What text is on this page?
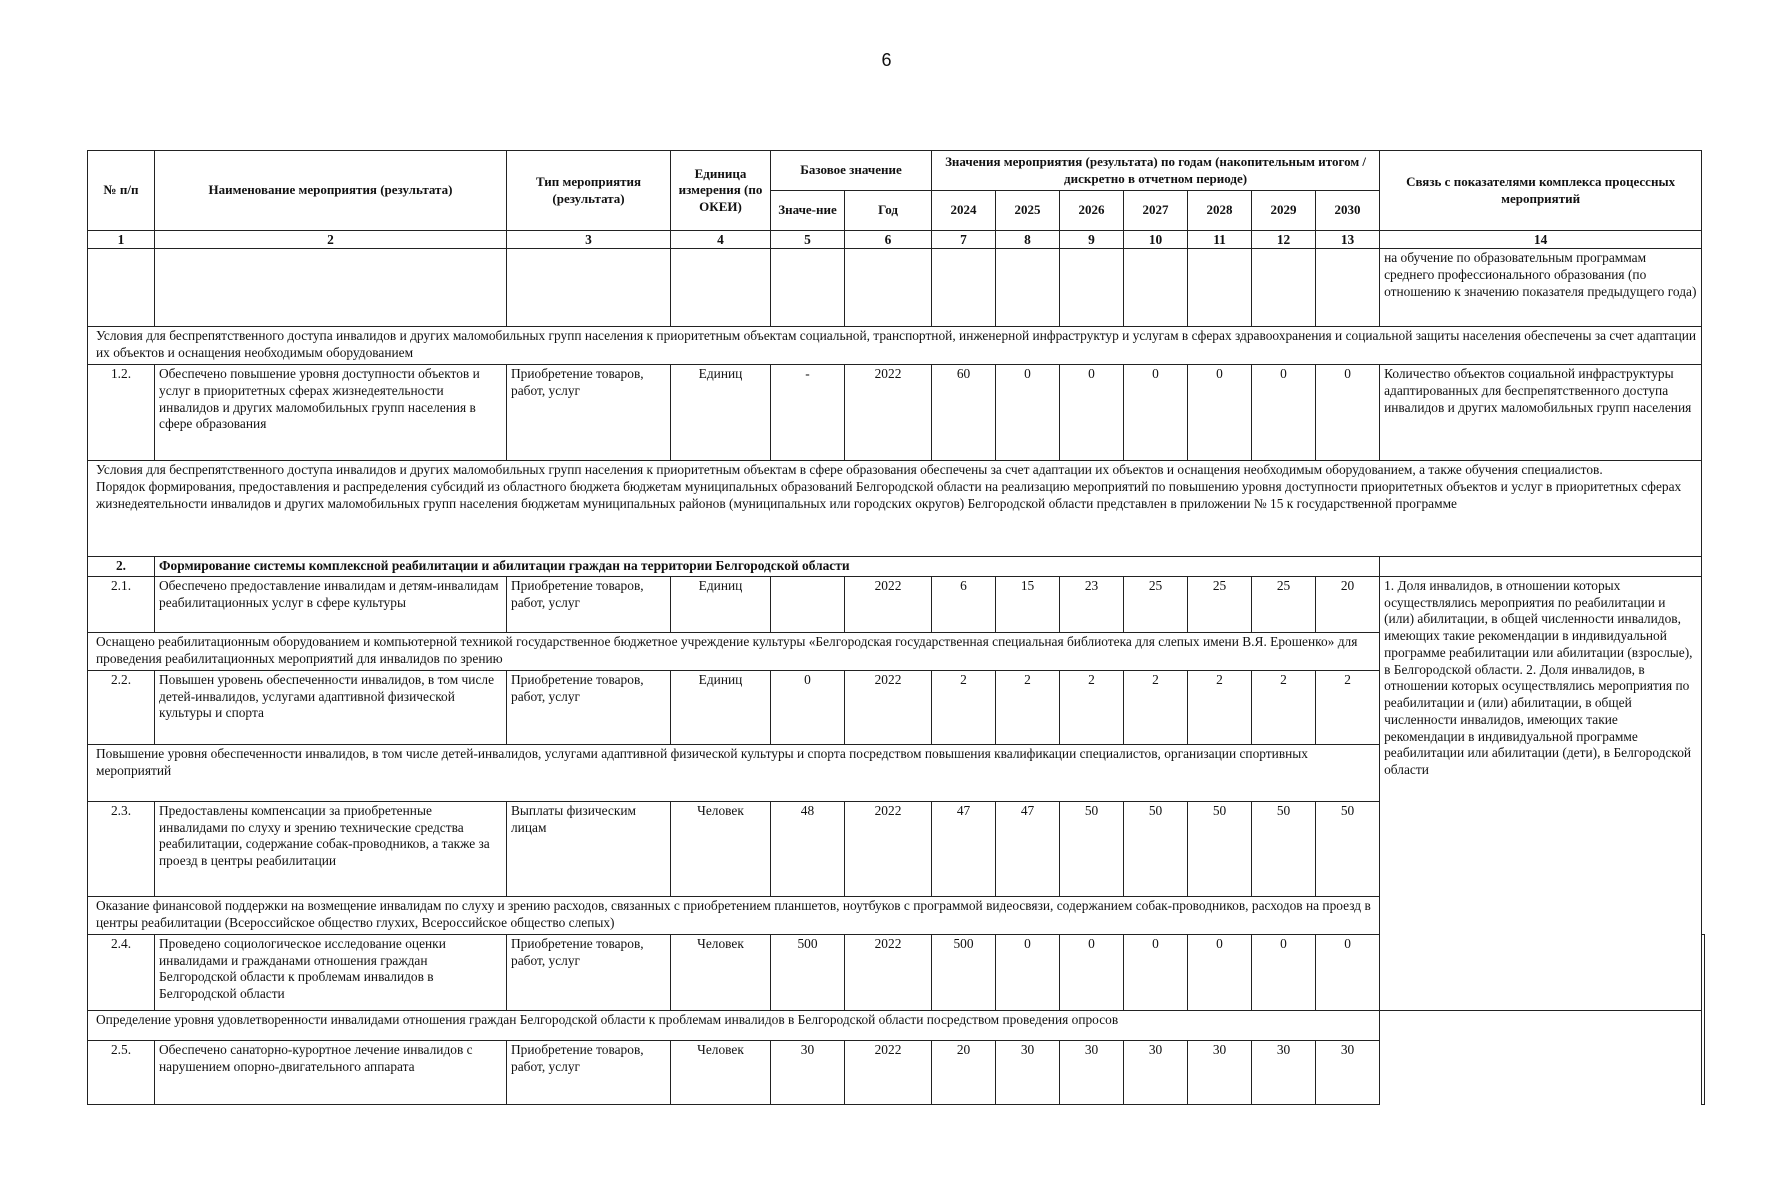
6
№ п/п	Наименование мероприятия (результата)	Тип мероприятия (результата)	Единица измерения (по ОКЕИ)	Базовое значение		Значения мероприятия (результата) по годам (накопительным итогом / дискретно в отчетном периоде)							Связь с показателями комплекса процессных мероприятий	
				Значе-ние	Год	2024	2025	2026	2027	2028	2029	2030		
1	2	3	4	5	6	7	8	9	10	11	12	13	14	
													на обучение по образовательным программам среднего профессионального образования (по отношению к значению показателя предыдущего года)	
Условия для беспрепятственного доступа инвалидов и других маломобильных групп населения к приоритетным объектам социальной, транспортной, инженерной инфраструктур и услугам в сферах здравоохранения и социальной защиты населения обеспечены за счет адаптации их объектов и оснащения необходимым оборудованием														
1.2.	Обеспечено повышение уровня доступности объектов и услуг в приоритетных сферах жизнедеятельности инвалидов и других маломобильных групп населения в сфере образования	Приобретение товаров, работ, услуг	Единиц	-	2022	60	0	0	0	0	0	0	Количество объектов социальной инфраструктуры адаптированных для беспрепятственного доступа инвалидов и других маломобильных групп населения	
Условия для беспрепятственного доступа инвалидов и других маломобильных групп населения к приоритетным объектам в сфере образования обеспечены за счет адаптации их объектов и оснащения необходимым оборудованием, а также обучения специалистов.
Порядок формирования, предоставления и распределения субсидий из областного бюджета бюджетам муниципальных образований Белгородской области на реализацию мероприятий по повышению уровня доступности приоритетных объектов и услуг в приоритетных сферах жизнедеятельности инвалидов и других маломобильных групп населения бюджетам муниципальных районов (муниципальных или городских округов) Белгородской области представлен в приложении № 15 к государственной программе														
2.	Формирование системы комплексной реабилитации и абилитации граждан на территории Белгородской области													
2.1.	Обеспечено предоставление инвалидам и детям-инвалидам реабилитационных услуг в сфере культуры	Приобретение товаров, работ, услуг	Единиц		2022	6	15	23	25	25	25	20	1. Доля инвалидов, в отношении которых осуществлялись мероприятия по реабилитации и (или) абилитации, в общей численности инвалидов, имеющих такие рекомендации в индивидуальной программе реабилитации или абилитации (взрослые), в Белгородской области. 2. Доля инвалидов, в отношении которых осуществлялись мероприятия по реабилитации и (или) абилитации, в общей численности инвалидов, имеющих такие рекомендации в индивидуальной программе реабилитации или абилитации (дети), в Белгородской области	
Оснащено реабилитационным оборудованием и компьютерной техникой государственное бюджетное учреждение культуры «Белгородская государственная специальная библиотека для слепых имени В.Я. Ерошенко» для проведения реабилитационных мероприятий для инвалидов по зрению														
2.2.	Повышен уровень обеспеченности инвалидов, в том числе детей-инвалидов, услугами адаптивной физической культуры и спорта	Приобретение товаров, работ, услуг	Единиц	0	2022	2	2	2	2	2	2	2		
Повышение уровня обеспеченности инвалидов, в том числе детей-инвалидов, услугами адаптивной физической культуры и спорта посредством повышения квалификации специалистов, организации спортивных мероприятий														
2.3.	Предоставлены компенсации за приобретенные инвалидами по слуху и зрению технические средства реабилитации, содержание собак-проводников, а также за проезд в центры реабилитации	Выплаты физическим лицам	Человек	48	2022	47	47	50	50	50	50	50		
Оказание финансовой поддержки на возмещение инвалидам по слуху и зрению расходов, связанных с приобретением планшетов, ноутбуков с программой видеосвязи, содержанием собак-проводников, расходов на проезд в центры реабилитации (Всероссийское общество глухих, Всероссийское общество слепых)														
2.4.	Проведено социологическое исследование оценки инвалидами и гражданами отношения граждан Белгородской области к проблемам инвалидов в Белгородской области	Приобретение товаров, работ, услуг	Человек	500	2022	500	0	0	0	0	0	0		
Определение уровня удовлетворенности инвалидами отношения граждан Белгородской области к проблемам инвалидов в Белгородской области посредством проведения опросов														
2.5.	Обеспечено санаторно-курортное лечение инвалидов с нарушением опорно-двигательного аппарата	Приобретение товаров, работ, услуг	Человек	30	2022	20	30	30	30	30	30	30		
